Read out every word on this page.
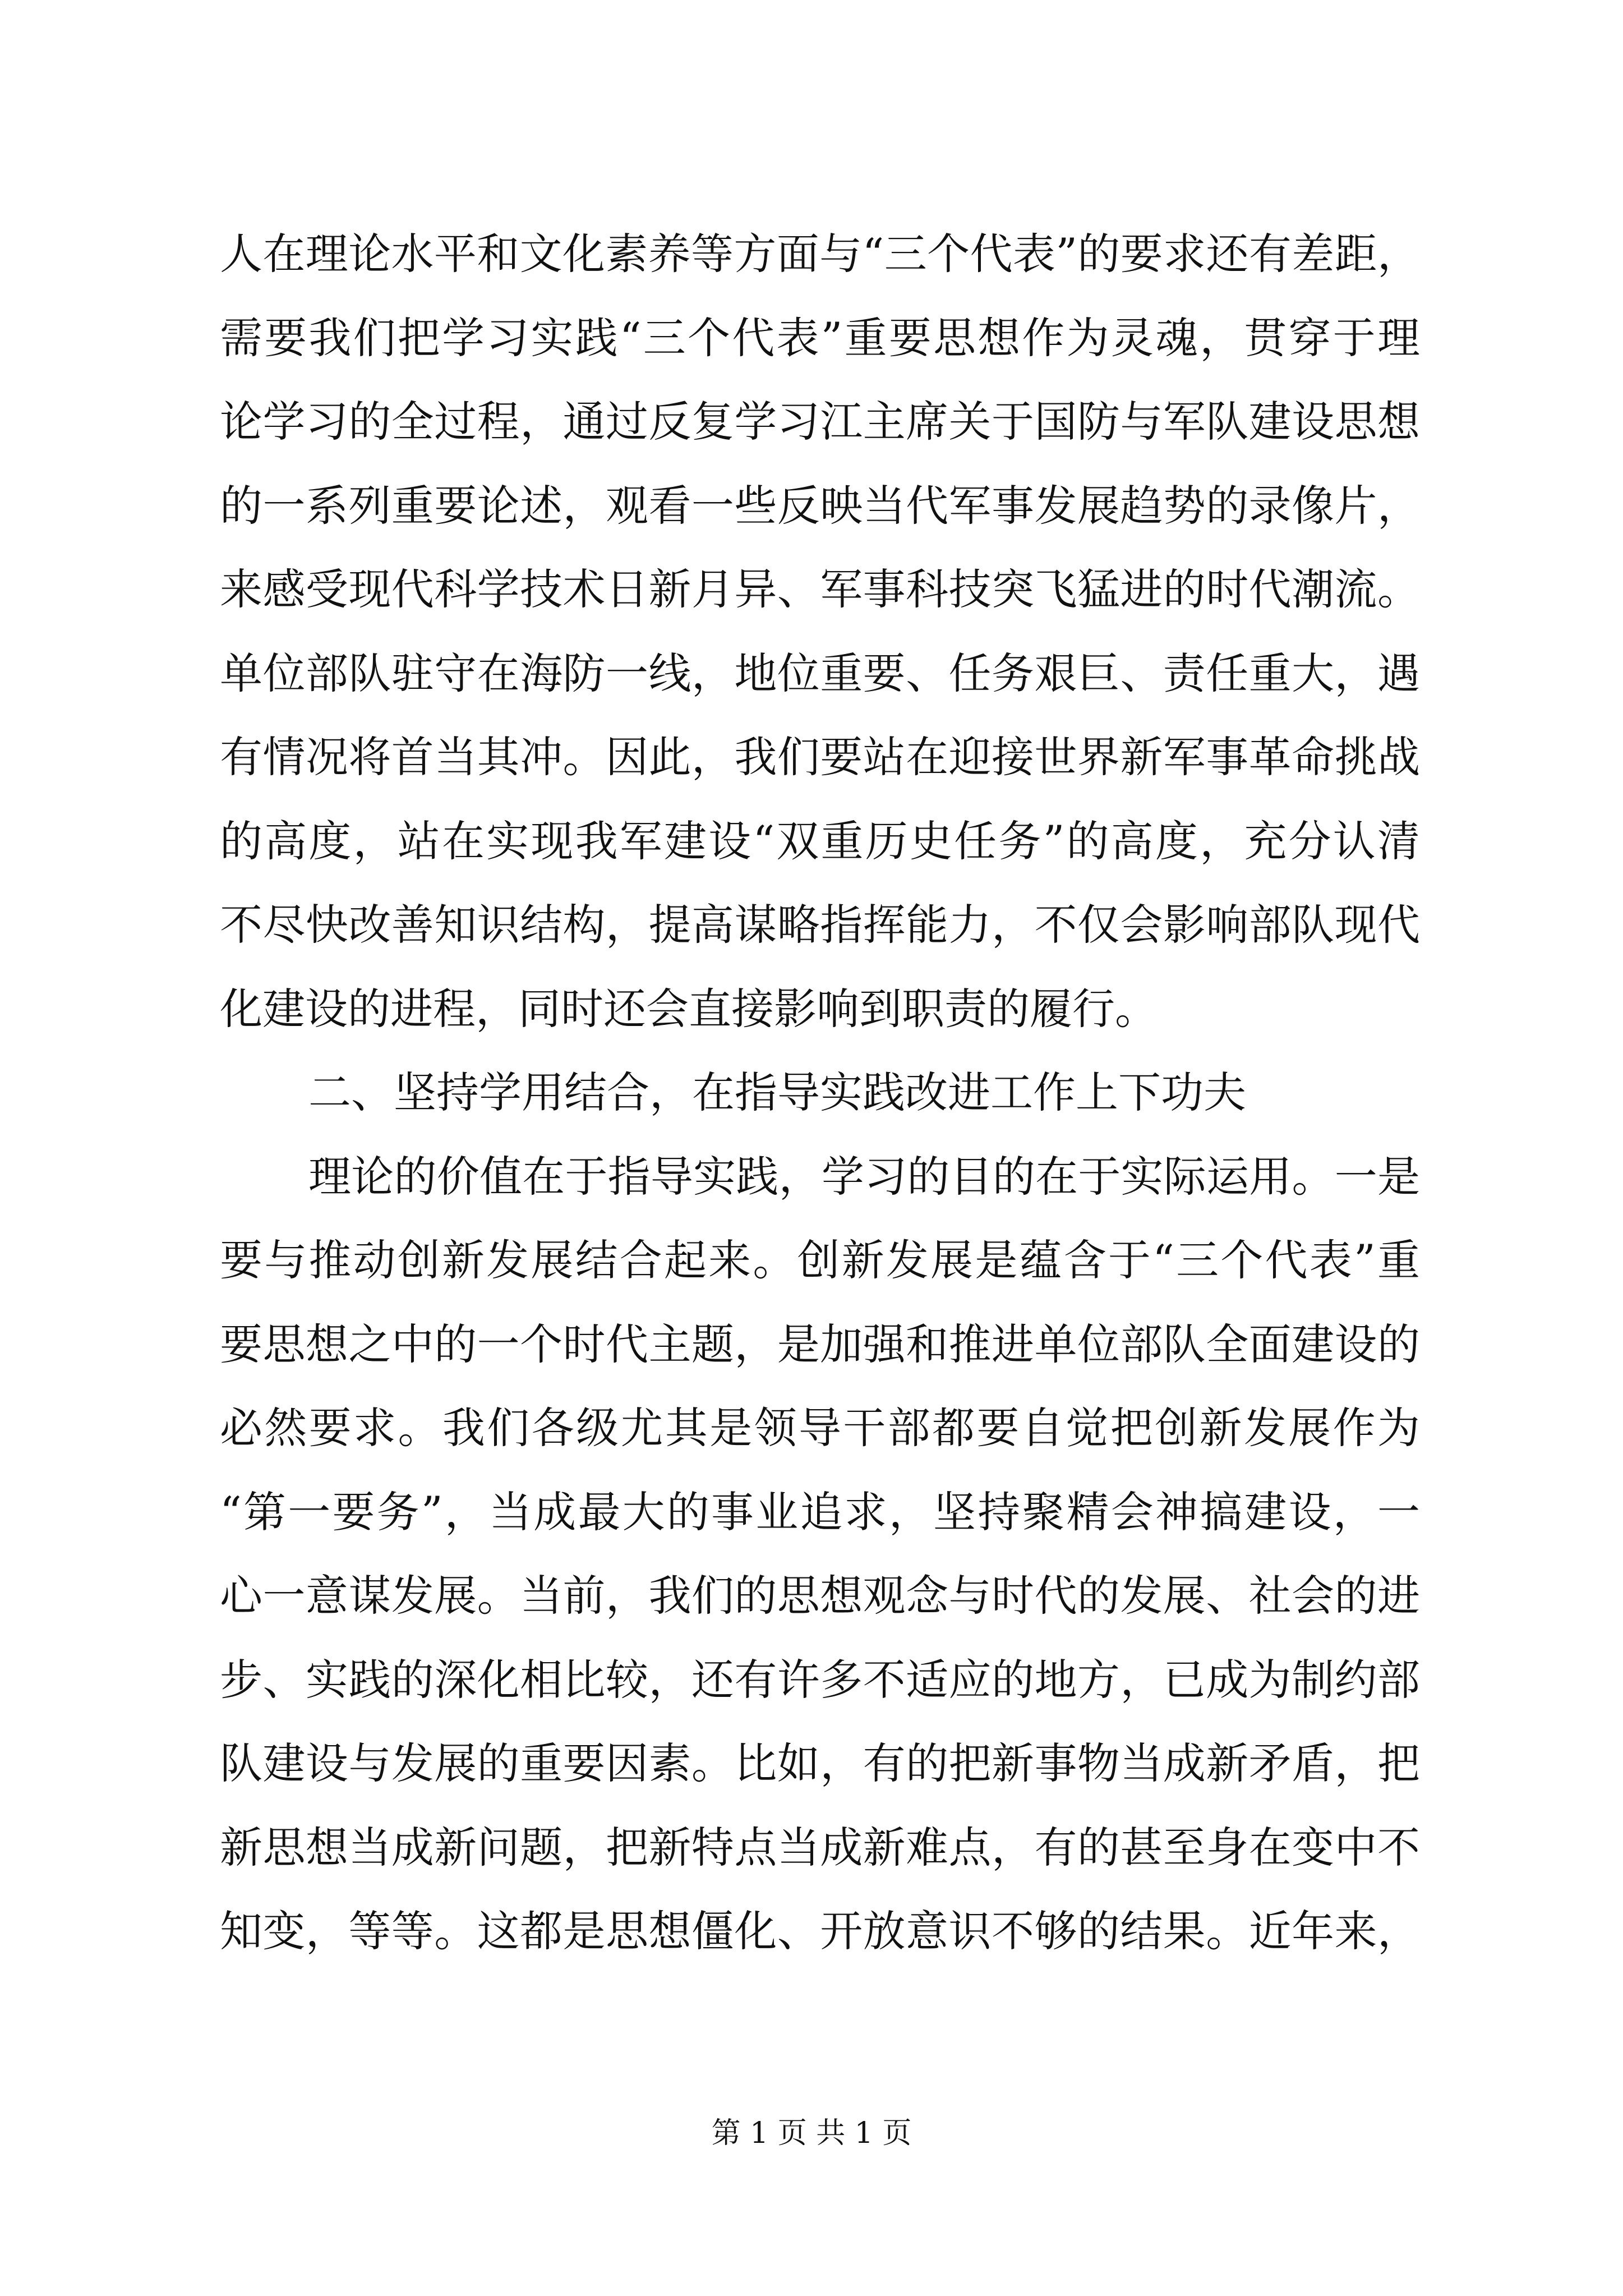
人在理论水平和文化素养等方面与“三个代表”的要求还有差距，
需要我们把学习实践“三个代表”重要思想作为灵魂，贯穿于理
论学习的全过程，通过反复学习江主席关于国防与军队建设思想
的一系列重要论述，观看一些反映当代军事发展趋势的录像片，
来感受现代科学技术日新月异、军事科技突飞猛进的时代潮流。
单位部队驻守在海防一线，地位重要、任务艰巨、责任重大，遇
有情况将首当其冲。因此，我们要站在迎接世界新军事革命挑战
的高度，站在实现我军建设“双重历史任务”的高度，充分认清
不尽快改善知识结构，提高谋略指挥能力，不仅会影响部队现代
化建设的进程，同时还会直接影响到职责的履行。
二、坚持学用结合，在指导实践改进工作上下功夫
理论的价值在于指导实践，学习的目的在于实际运用。一是
要与推动创新发展结合起来。创新发展是蕴含于“三个代表”重
要思想之中的一个时代主题，是加强和推进单位部队全面建设的
必然要求。我们各级尤其是领导干部都要自觉把创新发展作为
“第一要务”，当成最大的事业追求，坚持聚精会神搞建设，一
心一意谋发展。当前，我们的思想观念与时代的发展、社会的进
步、实践的深化相比较，还有许多不适应的地方，已成为制约部
队建设与发展的重要因素。比如，有的把新事物当成新矛盾，把
新思想当成新问题，把新特点当成新难点，有的甚至身在变中不
知变，等等。这都是思想僵化、开放意识不够的结果。近年来，
第 1 页 共 1 页
